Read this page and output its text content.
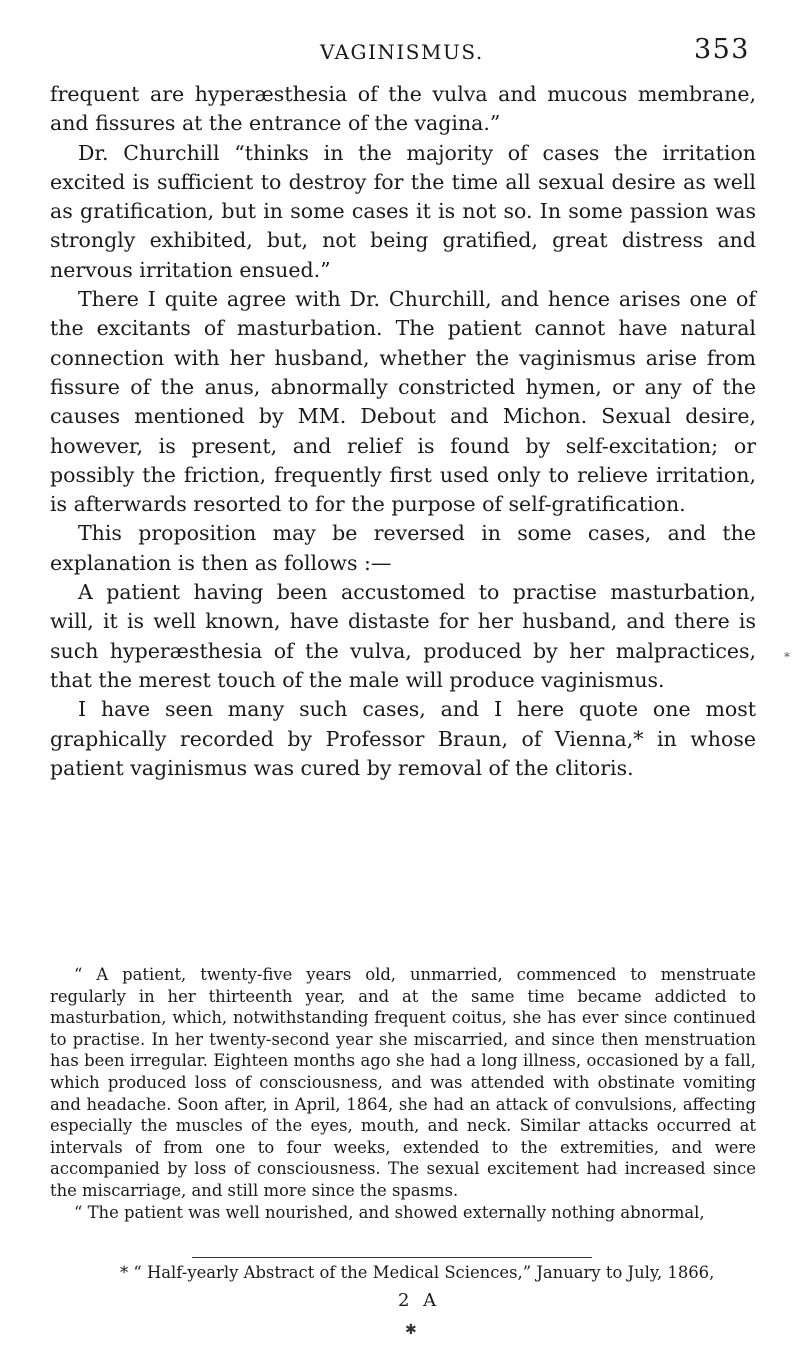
VAGINISMUS.	353

frequent are hyperæsthesia of the vulva and mucous membrane, and fissures at the entrance of the vagina.”

Dr. Churchill “thinks in the majority of cases the irritation excited is sufficient to destroy for the time all sexual desire as well as gratification, but in some cases it is not so. In some passion was strongly exhibited, but, not being gratified, great distress and nervous irritation ensued.”

There I quite agree with Dr. Churchill, and hence arises one of the excitants of masturbation. The patient cannot have natural connection with her husband, whether the vaginismus arise from fissure of the anus, abnormally constricted hymen, or any of the causes mentioned by MM. Debout and Michon. Sexual desire, however, is present, and relief is found by self-excitation; or possibly the friction, frequently first used only to relieve irritation, is afterwards resorted to for the purpose of self-gratification.

This proposition may be reversed in some cases, and the explanation is then as follows :—

A patient having been accustomed to practise masturbation, will, it is well known, have distaste for her husband, and there is such hyperæsthesia of the vulva, produced by her malpractices, that the merest touch of the male will produce vaginismus.

I have seen many such cases, and I here quote one most graphically recorded by Professor Braun, of Vienna,* in whose patient vaginismus was cured by removal of the clitoris.

*

“ A patient, twenty-five years old, unmarried, commenced to menstruate regularly in her thirteenth year, and at the same time became addicted to masturbation, which, notwithstanding frequent coitus, she has ever since continued to practise. In her twenty-second year she miscarried, and since then menstruation has been irregular. Eighteen months ago she had a long illness, occasioned by a fall, which produced loss of consciousness, and was attended with obstinate vomiting and headache. Soon after, in April, 1864, she had an attack of convulsions, affecting especially the muscles of the eyes, mouth, and neck. Similar attacks occurred at intervals of from one to four weeks, extended to the extremities, and were accompanied by loss of consciousness. The sexual excitement had increased since the miscarriage, and still more since the spasms.

“ The patient was well nourished, and showed externally nothing abnormal,

* “ Half-yearly Abstract of the Medical Sciences,” January to July, 1866,
2 A
✱
